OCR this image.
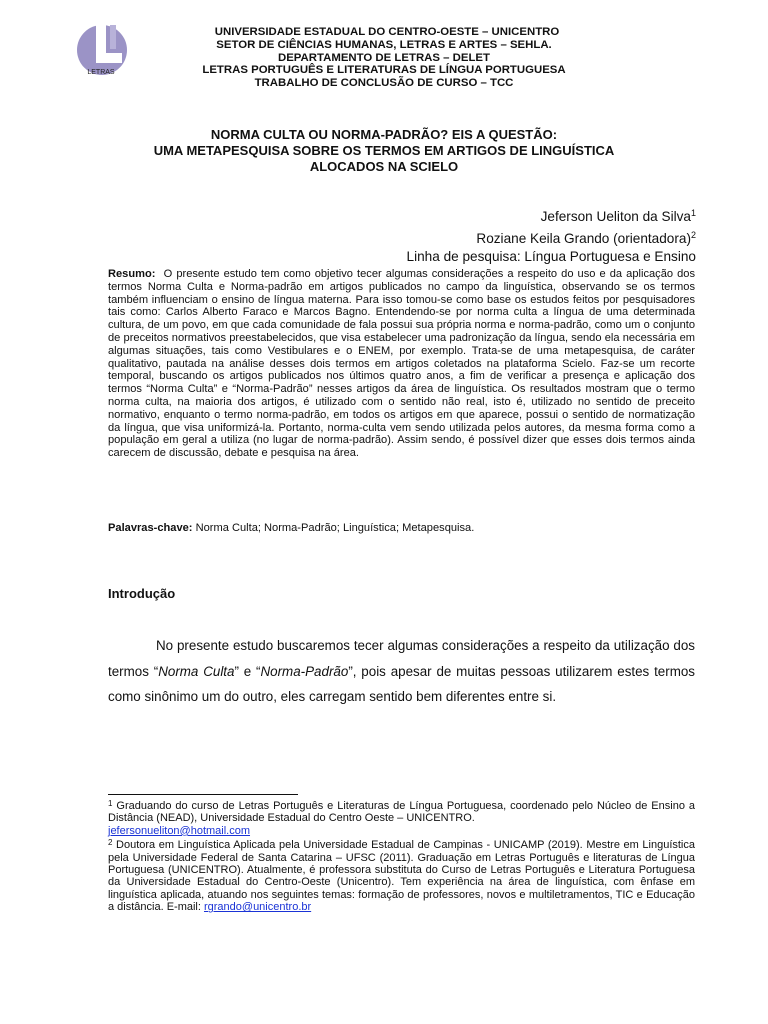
LETRAS
UNIVERSIDADE ESTADUAL DO CENTRO-OESTE – UNICENTRO
SETOR DE CIÊNCIAS HUMANAS, LETRAS E ARTES – SEHLA.
DEPARTAMENTO DE LETRAS – DELET
LETRAS PORTUGUÊS E LITERATURAS DE LÍNGUA PORTUGUESA
TRABALHO DE CONCLUSÃO DE CURSO – TCC
NORMA CULTA OU NORMA-PADRÃO? EIS A QUESTÃO:
UMA METAPESQUISA SOBRE OS TERMOS EM ARTIGOS DE LINGUÍSTICA
ALOCADOS NA SCIELO
Jeferson Ueliton da Silva$^1$
Roziane Keila Grando (orientadora)$^2$
Linha de pesquisa: Língua Portuguesa e Ensino
Resumo: O presente estudo tem como objetivo tecer algumas considerações a respeito do uso e da aplicação dos termos Norma Culta e Norma-padrão em artigos publicados no campo da linguística, observando se os termos também influenciam o ensino de língua materna. Para isso tomou-se como base os estudos feitos por pesquisadores tais como: Carlos Alberto Faraco e Marcos Bagno. Entendendo-se por norma culta a língua de uma determinada cultura, de um povo, em que cada comunidade de fala possui sua própria norma e norma-padrão, como um o conjunto de preceitos normativos preestabelecidos, que visa estabelecer uma padronização da língua, sendo ela necessária em algumas situações, tais como Vestibulares e o ENEM, por exemplo. Trata-se de uma metapesquisa, de caráter qualitativo, pautada na análise desses dois termos em artigos coletados na plataforma Scielo. Faz-se um recorte temporal, buscando os artigos publicados nos últimos quatro anos, a fim de verificar a presença e aplicação dos termos “Norma Culta” e “Norma-Padrão” nesses artigos da área de linguística. Os resultados mostram que o termo norma culta, na maioria dos artigos, é utilizado com o sentido não real, isto é, utilizado no sentido de preceito normativo, enquanto o termo norma-padrão, em todos os artigos em que aparece, possui o sentido de normatização da língua, que visa uniformizá-la. Portanto, norma-culta vem sendo utilizada pelos autores, da mesma forma como a população em geral a utiliza (no lugar de norma-padrão). Assim sendo, é possível dizer que esses dois termos ainda carecem de discussão, debate e pesquisa na área.
Palavras-chave: Norma Culta; Norma-Padrão; Linguística; Metapesquisa.
Introdução
No presente estudo buscaremos tecer algumas considerações a respeito da utilização dos termos “Norma Culta” e “Norma-Padrão”, pois apesar de muitas pessoas utilizarem estes termos como sinônimo um do outro, eles carregam sentido bem diferentes entre si.
$^1$ Graduando do curso de Letras Português e Literaturas de Língua Portuguesa, coordenado pelo Núcleo de Ensino a Distância (NEAD), Universidade Estadual do Centro Oeste – UNICENTRO.
jefersonueliton@hotmail.com
$^2$ Doutora em Linguística Aplicada pela Universidade Estadual de Campinas - UNICAMP (2019). Mestre em Linguística pela Universidade Federal de Santa Catarina – UFSC (2011). Graduação em Letras Português e literaturas de Língua Portuguesa (UNICENTRO). Atualmente, é professora substituta do Curso de Letras Português e Literatura Portuguesa da Universidade Estadual do Centro-Oeste (Unicentro). Tem experiência na área de linguística, com ênfase em linguística aplicada, atuando nos seguintes temas: formação de professores, novos e multiletramentos, TIC e Educação a distância. E-mail: rgrando@unicentro.br
